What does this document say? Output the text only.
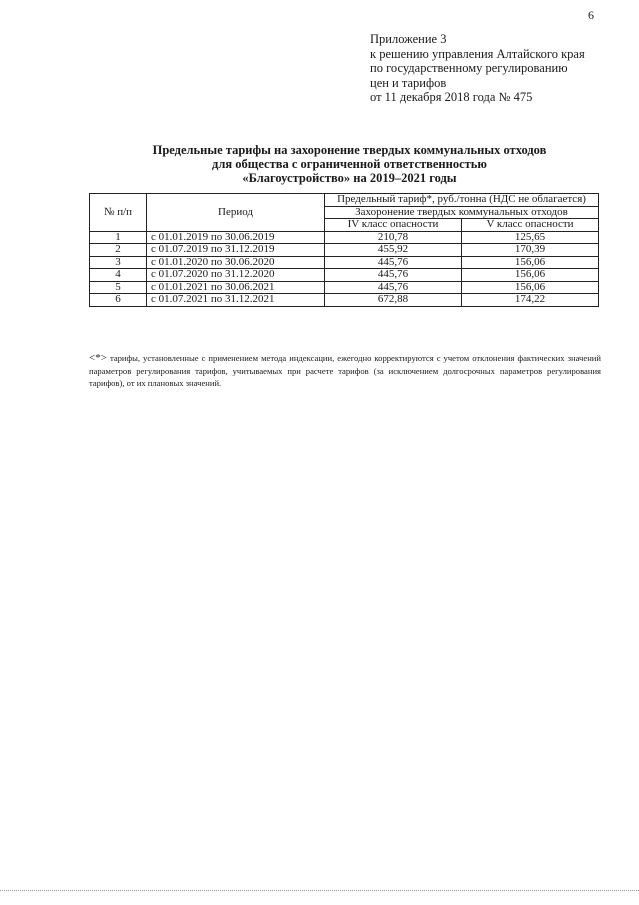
6
Приложение 3
к решению управления Алтайского края
по государственному регулированию
цен и тарифов
от 11 декабря 2018 года № 475
Предельные тарифы на захоронение твердых коммунальных отходов
для общества с ограниченной ответственностью
«Благоустройство» на 2019–2021 годы
№ п/п	Период	Предельный тариф*, руб./тонна (НДС не облагается)	
		Захоронение твердых коммунальных отходов	
		IV класс опасности	V класс опасности
1	с 01.01.2019 по 30.06.2019	210,78	125,65
2	с 01.07.2019 по 31.12.2019	455,92	170,39
3	с 01.01.2020 по 30.06.2020	445,76	156,06
4	с 01.07.2020 по 31.12.2020	445,76	156,06
5	с 01.01.2021 по 30.06.2021	445,76	156,06
6	с 01.07.2021 по 31.12.2021	672,88	174,22
<*> тарифы, установленные с применением метода индексации, ежегодно корректируются с учетом отклонения фактических значений параметров регулирования тарифов, учитываемых при расчете тарифов (за исключением долгосрочных параметров регулирования тарифов), от их плановых значений.
